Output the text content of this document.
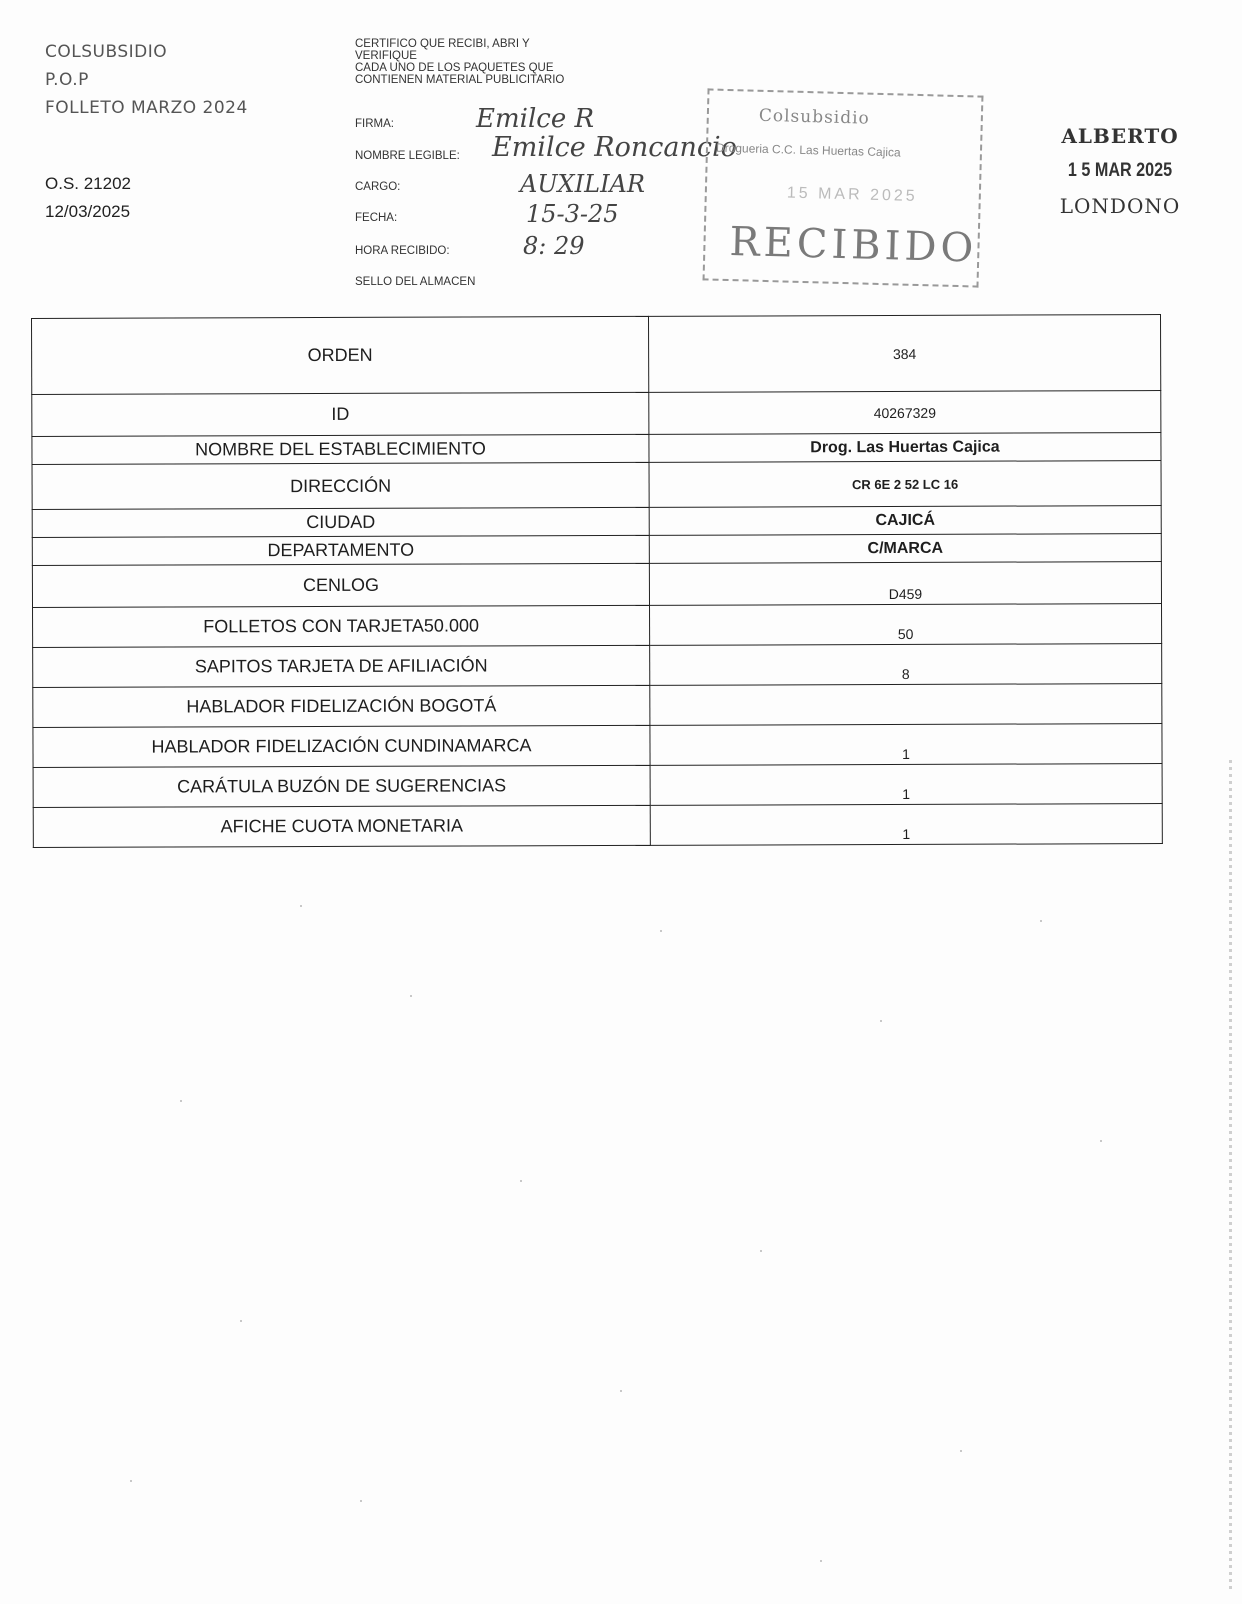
COLSUBSIDIO
P.O.P
FOLLETO MARZO 2024
O.S. 21202
12/03/2025
CERTIFICO QUE RECIBI, ABRI Y
VERIFIQUE
CADA UNO DE LOS PAQUETES QUE
CONTIENEN MATERIAL PUBLICITARIO
FIRMA:	Emilce R
NOMBRE LEGIBLE: Emilce Roncancio
CARGO:	AUXILIAR
FECHA:	15-3-25
HORA RECIBIDO:	8: 29
SELLO DEL ALMACEN
Colsubsidio
Drogueria C.C. Las Huertas Cajica
15 MAR 2025
RECIBIDO
ALBERTO
1 5 MAR 2025
LONDONO
ORDEN	384
ID	40267329
NOMBRE DEL ESTABLECIMIENTO	Drog. Las Huertas Cajica
DIRECCIÓN	CR 6E 2 52 LC 16
CIUDAD	CAJICÁ
DEPARTAMENTO	C/MARCA
CENLOG	D459
FOLLETOS CON TARJETA50.000	50
SAPITOS TARJETA DE AFILIACIÓN	8
HABLADOR FIDELIZACIÓN BOGOTÁ	
HABLADOR FIDELIZACIÓN CUNDINAMARCA	1
CARÁTULA BUZÓN DE SUGERENCIAS	1
AFICHE CUOTA MONETARIA	1
